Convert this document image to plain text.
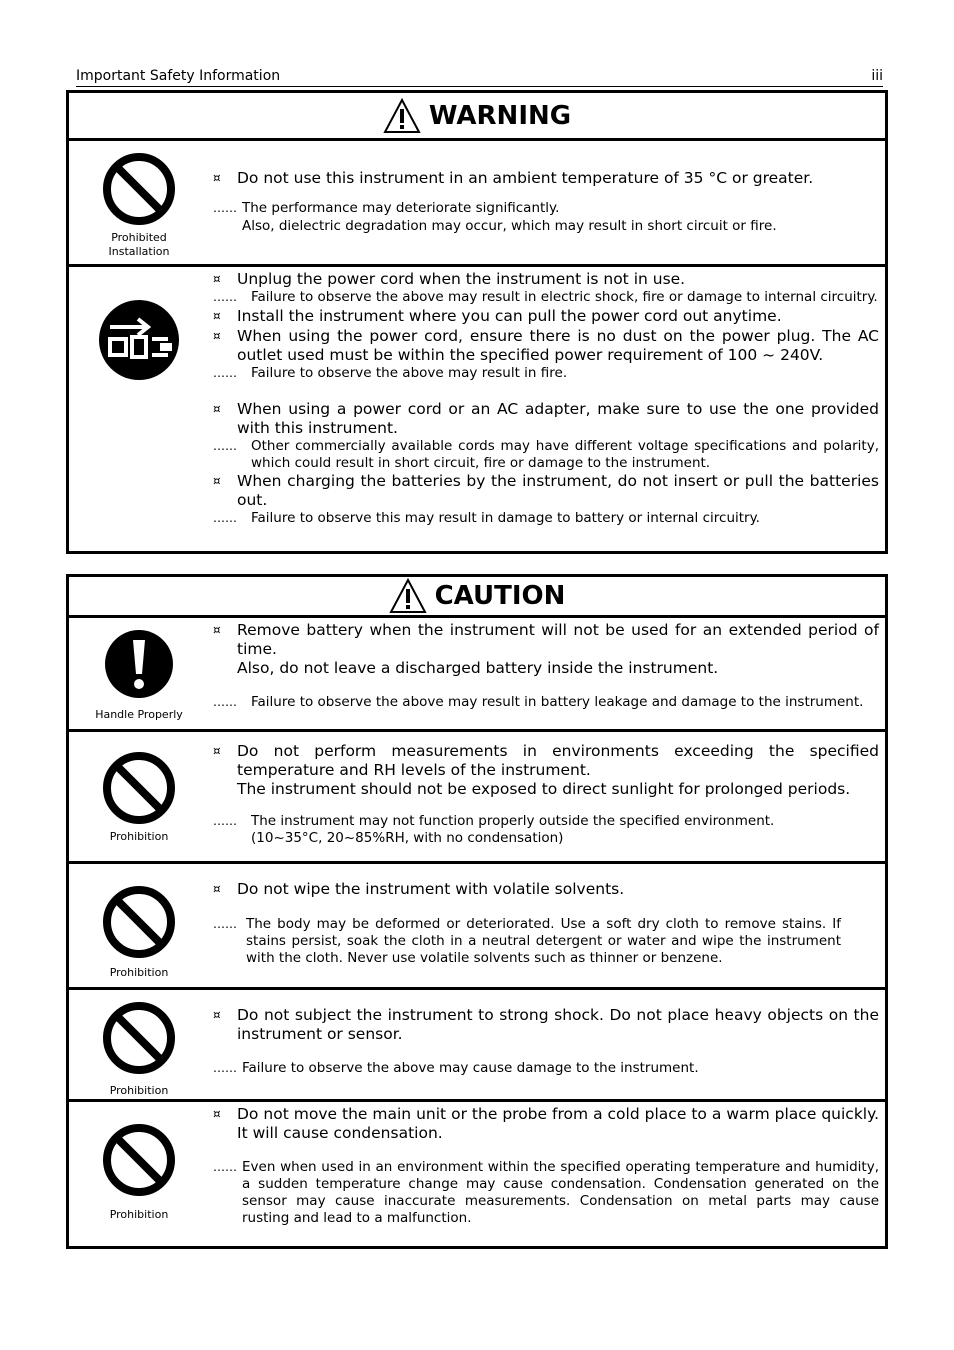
Important Safety Information	iii
WARNING
Prohibited Installation
¤ Do not use this instrument in an ambient temperature of 35 °C or greater.
…… The performance may deteriorate significantly.
Also, dielectric degradation may occur, which may result in short circuit or fire.
¤ Unplug the power cord when the instrument is not in use.
…… Failure to observe the above may result in electric shock, fire or damage to internal circuitry.
¤ Install the instrument where you can pull the power cord out anytime.
¤ When using the power cord, ensure there is no dust on the power plug. The AC outlet used must be within the specified power requirement of 100 ~ 240V.
…… Failure to observe the above may result in fire.
¤ When using a power cord or an AC adapter, make sure to use the one provided with this instrument.
…… Other commercially available cords may have different voltage specifications and polarity, which could result in short circuit, fire or damage to the instrument.
¤ When charging the batteries by the instrument, do not insert or pull the batteries out.
…… Failure to observe this may result in damage to battery or internal circuitry.
CAUTION
Handle Properly
¤ Remove battery when the instrument will not be used for an extended period of time.
Also, do not leave a discharged battery inside the instrument.
…… Failure to observe the above may result in battery leakage and damage to the instrument.
Prohibition
¤ Do not perform measurements in environments exceeding the specified temperature and RH levels of the instrument.
The instrument should not be exposed to direct sunlight for prolonged periods.
…… The instrument may not function properly outside the specified environment.
(10~35°C, 20~85%RH, with no condensation)
Prohibition
¤ Do not wipe the instrument with volatile solvents.
…… The body may be deformed or deteriorated. Use a soft dry cloth to remove stains. If stains persist, soak the cloth in a neutral detergent or water and wipe the instrument with the cloth. Never use volatile solvents such as thinner or benzene.
Prohibition
¤ Do not subject the instrument to strong shock. Do not place heavy objects on the instrument or sensor.
…… Failure to observe the above may cause damage to the instrument.
Prohibition
¤ Do not move the main unit or the probe from a cold place to a warm place quickly. It will cause condensation.
…… Even when used in an environment within the specified operating temperature and humidity, a sudden temperature change may cause condensation. Condensation generated on the sensor may cause inaccurate measurements. Condensation on metal parts may cause rusting and lead to a malfunction.
